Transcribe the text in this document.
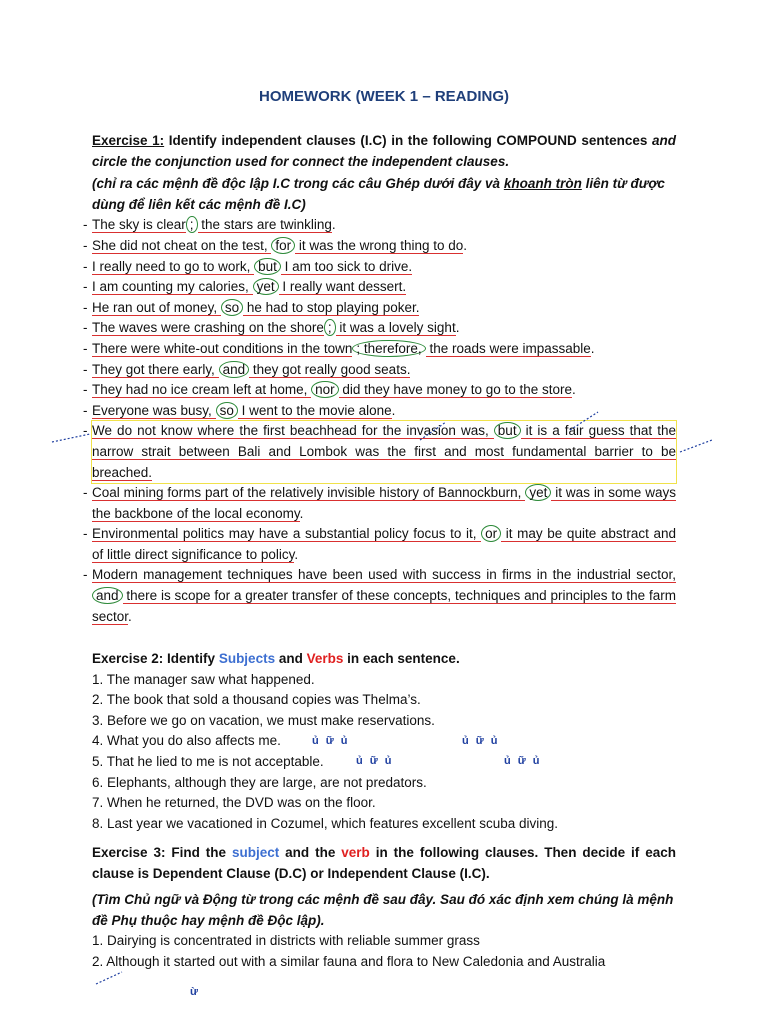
HOMEWORK (WEEK 1 – READING)
Exercise 1: Identify independent clauses (I.C) in the following COMPOUND sentences and circle the conjunction used for connect the independent clauses.
(chỉ ra các mệnh đề độc lập I.C trong các câu Ghép dưới đây và khoanh tròn liên từ được dùng để liên kết các mệnh đề I.C)
- The sky is clear ; the stars are twinkling.
- She did not cheat on the test, for it was the wrong thing to do.
- I really need to go to work, but I am too sick to drive.
- I am counting my calories, yet I really want dessert.
- He ran out of money, so he had to stop playing poker.
- The waves were crashing on the shore ; it was a lovely sight.
- There were white-out conditions in the town ; therefore, the roads were impassable.
- They got there early, and they got really good seats.
- They had no ice cream left at home, nor did they have money to go to the store.
- Everyone was busy, so I went to the movie alone.
- We do not know where the first beachhead for the invasion was, but it is a fair guess that the narrow strait between Bali and Lombok was the first and most fundamental barrier to be breached.
- Coal mining forms part of the relatively invisible history of Bannockburn, yet it was in some ways the backbone of the local economy.
- Environmental politics may have a substantial policy focus to it, or it may be quite abstract and of little direct significance to policy.
- Modern management techniques have been used with success in firms in the industrial sector, and there is scope for a greater transfer of these concepts, techniques and principles to the farm sector.
Exercise 2: Identify Subjects and Verbs in each sentence.
1. The manager saw what happened.
2. The book that sold a thousand copies was Thelma’s.
3. Before we go on vacation, we must make reservations.
4. What you do also affects me.
5. That he lied to me is not acceptable.
6. Elephants, although they are large, are not predators.
7. When he returned, the DVD was on the floor.
8. Last year we vacationed in Cozumel, which features excellent scuba diving.
Exercise 3: Find the subject and the verb in the following clauses. Then decide if each clause is Dependent Clause (D.C) or Independent Clause (I.C).
(Tìm Chủ ngữ và Động từ trong các mệnh đề sau đây. Sau đó xác định xem chúng là mệnh đề Phụ thuộc hay mệnh đề Độc lập).
1. Dairying is concentrated in districts with reliable summer grass
2. Although it started out with a similar fauna and flora to New Caledonia and Australia
ủ ữ ủ	ủ ữ ủ
ủ ữ ủ	ủ ữ ủ
ừ
